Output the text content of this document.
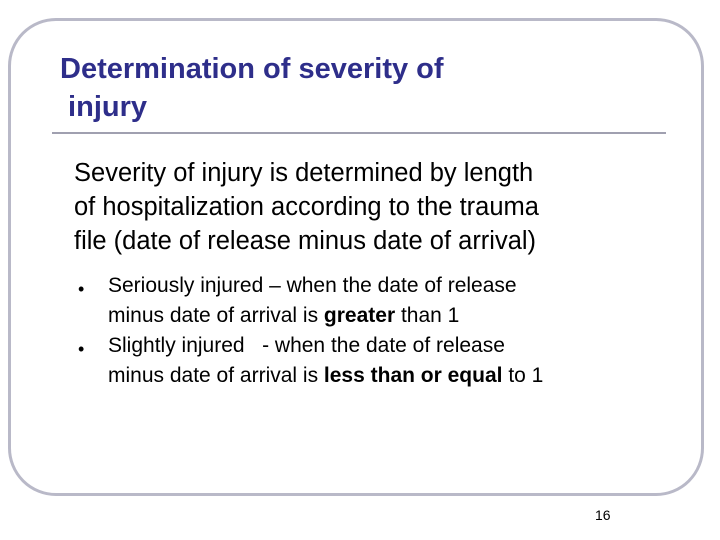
Determination of severity of
injury
Severity of injury is determined by length
of hospitalization according to the trauma
file (date of release minus date of arrival)
• Seriously injured – when the date of release
minus date of arrival is greater than 1
• Slightly injured   - when the date of release
minus date of arrival is less than or equal to 1
16
